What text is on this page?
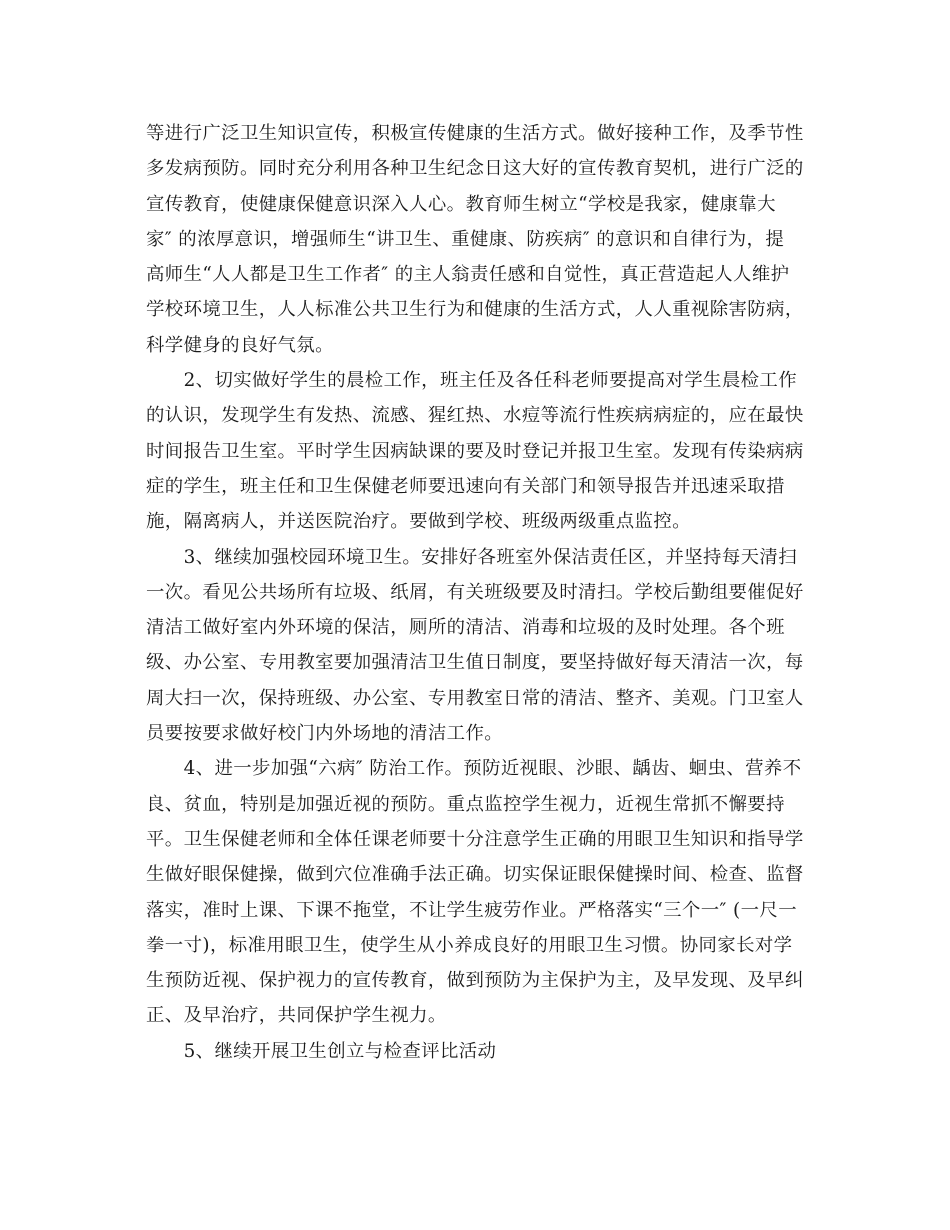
等进行广泛卫生知识宣传，积极宣传健康的生活方式。做好接种工作，及季节性
多发病预防。同时充分利用各种卫生纪念日这大好的宣传教育契机，进行广泛的
宣传教育，使健康保健意识深入人心。教育师生树立“学校是我家，健康靠大
家″ 的浓厚意识，增强师生“讲卫生、重健康、防疾病″ 的意识和自律行为，提
高师生“人人都是卫生工作者″ 的主人翁责任感和自觉性，真正营造起人人维护
学校环境卫生，人人标准公共卫生行为和健康的生活方式，人人重视除害防病，
科学健身的良好气氛。
　　2、切实做好学生的晨检工作，班主任及各任科老师要提高对学生晨检工作
的认识，发现学生有发热、流感、猩红热、水痘等流行性疾病病症的，应在最快
时间报告卫生室。平时学生因病缺课的要及时登记并报卫生室。发现有传染病病
症的学生，班主任和卫生保健老师要迅速向有关部门和领导报告并迅速采取措
施，隔离病人，并送医院治疗。要做到学校、班级两级重点监控。
　　3、继续加强校园环境卫生。安排好各班室外保洁责任区，并坚持每天清扫
一次。看见公共场所有垃圾、纸屑，有关班级要及时清扫。学校后勤组要催促好
清洁工做好室内外环境的保洁，厕所的清洁、消毒和垃圾的及时处理。各个班
级、办公室、专用教室要加强清洁卫生值日制度，要坚持做好每天清洁一次，每
周大扫一次，保持班级、办公室、专用教室日常的清洁、整齐、美观。门卫室人
员要按要求做好校门内外场地的清洁工作。
　　4、进一步加强“六病″ 防治工作。预防近视眼、沙眼、龋齿、蛔虫、营养不
良、贫血，特别是加强近视的预防。重点监控学生视力，近视生常抓不懈要持
平。卫生保健老师和全体任课老师要十分注意学生正确的用眼卫生知识和指导学
生做好眼保健操，做到穴位准确手法正确。切实保证眼保健操时间、检查、监督
落实，准时上课、下课不拖堂，不让学生疲劳作业。严格落实“三个一″ (一尺一
拳一寸)，标准用眼卫生，使学生从小养成良好的用眼卫生习惯。协同家长对学
生预防近视、保护视力的宣传教育，做到预防为主保护为主，及早发现、及早纠
正、及早治疗，共同保护学生视力。
　　5、继续开展卫生创立与检查评比活动
